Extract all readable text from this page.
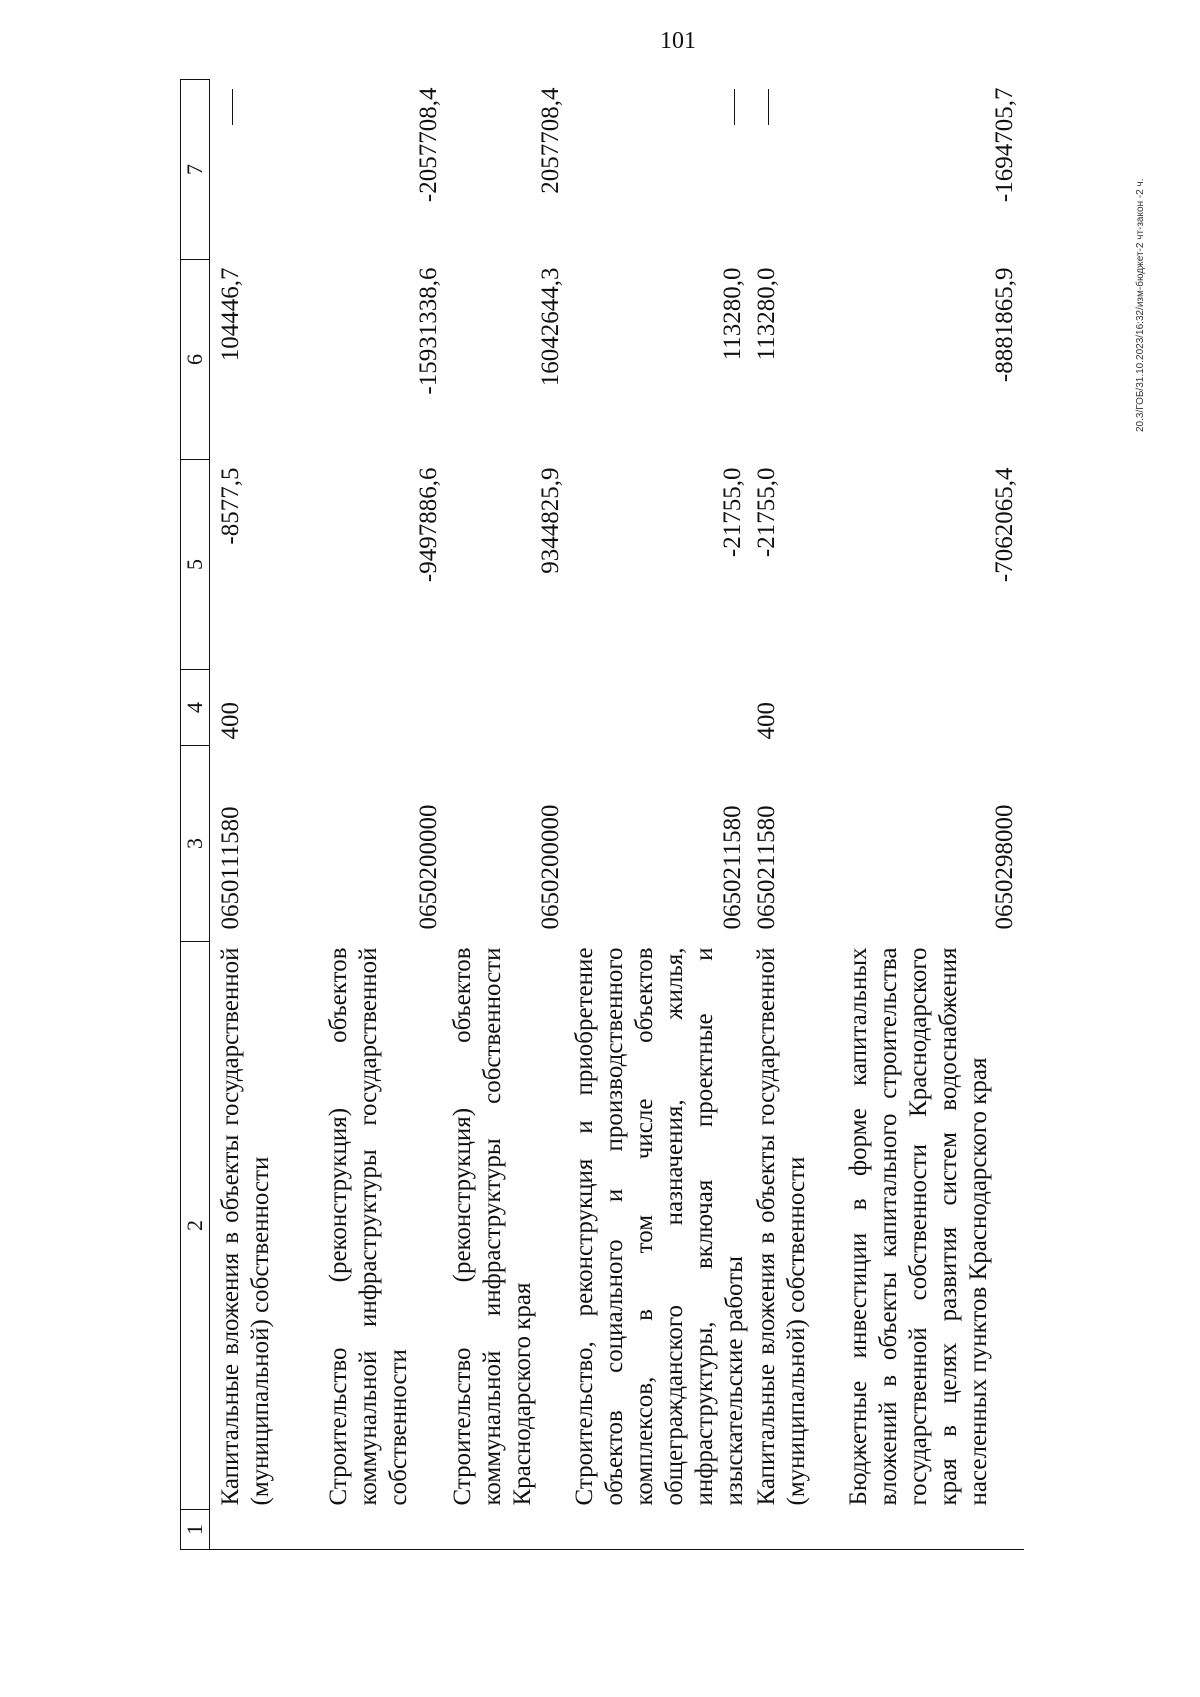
101
20.3/ГОБ/31.10.2023/16:32/изм-бюджет-2 чт-закон -2 ч.
1	2	3	4	5	6	7
	Капитальные вложения в объекты государственной (муниципальной) собственности	0650111580	400	-8577,5	104446,7	
	Строительство (реконструкция) объектов коммунальной инфраструктуры государственной собственности	0650200000		-9497886,6	-15931338,6	-2057708,4
	Строительство (реконструкция) объектов коммунальной инфраструктуры собственности Краснодарского края	0650200000		9344825,9	16042644,3	2057708,4
	Строительство, реконструкция и приобретение объектов социального и производственного комплексов, в том числе объектов общегражданского назначения, жилья, инфраструктуры, включая проектные и изыскательские работы	0650211580		-21755,0	113280,0	
	Капитальные вложения в объекты государственной (муниципальной) собственности	0650211580	400	-21755,0	113280,0	
	Бюджетные инвестиции в форме капитальных вложений в объекты капитального строительства государственной собственности Краснодарского края в целях развития систем водоснабжения населенных пунктов Краснодарского края	0650298000		-7062065,4	-8881865,9	-1694705,7
